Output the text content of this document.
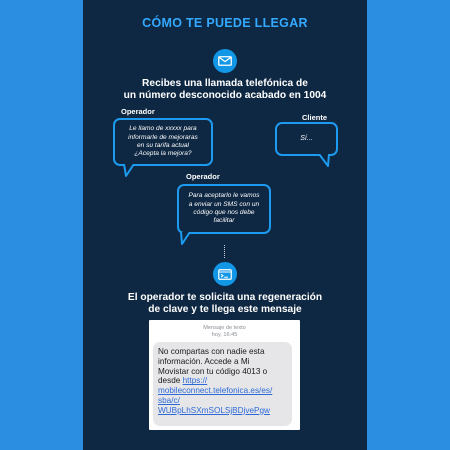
CÓMO TE PUEDE LLEGAR
Recibes una llamada telefónica de
un número desconocido acabado en 1004
Operador
Le llamo de xxxxx para
informarle de mejoraras
en su tarifa actual
¿Acepta la mejora?
Cliente
Sí...
Operador
Para aceptarlo le vamos
a enviar un SMS con un
código que nos debe
facilitar
El operador te solicita una regeneración
de clave y te llega este mensaje
Mensaje de texto
hoy, 16:45
No compartas con nadie esta
información. Accede a Mi
Movistar con tu código 4013 o
desde https://
mobileconnect.telefonica.es/es/
sba/c/
WUBpLhSXmSOLSjBDjvePgw
